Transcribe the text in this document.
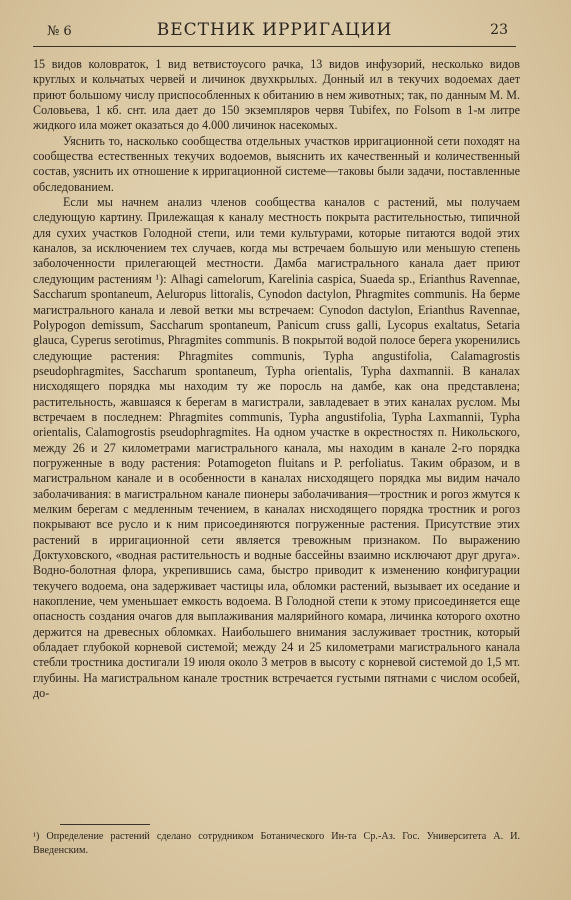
№ 6	ВЕСТНИК ИРРИГАЦИИ	23

15 видов коловраток, 1 вид ветвистоусого рачка, 13 видов инфузорий, несколько видов круглых и кольчатых червей и личинок двухкрылых. Донный ил в текучих водоемах дает приют большому числу приспособленных к обитанию в нем животных; так, по данным М. М. Соловьева, 1 кб. снт. ила дает до 150 экземпляров червя Tubifex, по Folsom в 1-м литре жидкого ила может оказаться до 4.000 личинок насекомых.

Уяснить то, насколько сообщества отдельных участков ирригационной сети походят на сообщества естественных текучих водоемов, выяснить их качественный и количественный состав, уяснить их отношение к ирригационной системе—таковы были задачи, поставленные обследованием.

Если мы начнем анализ членов сообщества каналов с растений, мы получаем следующую картину. Прилежащая к каналу местность покрыта растительностью, типичной для сухих участков Голодной степи, или теми культурами, которые питаются водой этих каналов, за исключением тех случаев, когда мы встречаем большую или меньшую степень заболоченности прилегающей местности. Дамба магистрального канала дает приют следующим растениям ¹): Alhagi camelorum, Karelinia caspica, Suaeda sp., Erianthus Ravennae, Saccharum spontaneum, Aeluropus littoralis, Cynodon dactylon, Phragmites communis. На берме магистрального канала и левой ветки мы встречаем: Cynodon dactylon, Erianthus Ravennae, Polypogon demissum, Saccharum spontaneum, Panicum cruss galli, Lycopus exaltatus, Setaria glauca, Cyperus serotimus, Phragmites communis. В покрытой водой полосе берега укоренились следующие растения: Phragmites communis, Typha angustifolia, Calamagrostis pseudophragmites, Saccharum spontaneum, Typha orientalis, Typha daxmannii. В каналах нисходящего порядка мы находим ту же поросль на дамбе, как она представлена; растительность, жавшаяся к берегам в магистрали, завладевает в этих каналах руслом. Мы встречаем в последнем: Phragmites communis, Typha angustifolia, Typha Laxmannii, Typha orientalis, Calamogrostis pseudophragmites. На одном участке в окрестностях п. Никольского, между 26 и 27 километрами магистрального канала, мы находим в канале 2-го порядка погруженные в воду растения: Potamogeton fluitans и P. perfoliatus. Таким образом, и в магистральном канале и в особенности в каналах нисходящего порядка мы видим начало заболачивания: в магистральном канале пионеры заболачивания—тростник и рогоз жмутся к мелким берегам с медленным течением, в каналах нисходящего порядка тростник и рогоз покрывают все русло и к ним присоединяются погруженные растения. Присутствие этих растений в ирригационной сети является тревожным признаком. По выражению Доктуховского, «водная растительность и водные бассейны взаимно исключают друг друга». Водно-болотная флора, укрепившись сама, быстро приводит к изменению конфигурации текучего водоема, она задерживает частицы ила, обломки растений, вызывает их оседание и накопление, чем уменьшает емкость водоема. В Голодной степи к этому присоединяется еще опасность создания очагов для выплаживания малярийного комара, личинка которого охотно держится на древесных обломках. Наибольшего внимания заслуживает тростник, который обладает глубокой корневой системой; между 24 и 25 километрами магистрального канала стебли тростника достигали 19 июля около 3 метров в высоту с корневой системой до 1,5 мт. глубины. На магистральном канале тростник встречается густыми пятнами с числом особей, до-

¹) Определение растений сделано сотрудником Ботанического Ин-та Ср.-Аз. Гос. Университета А. И. Введенским.
